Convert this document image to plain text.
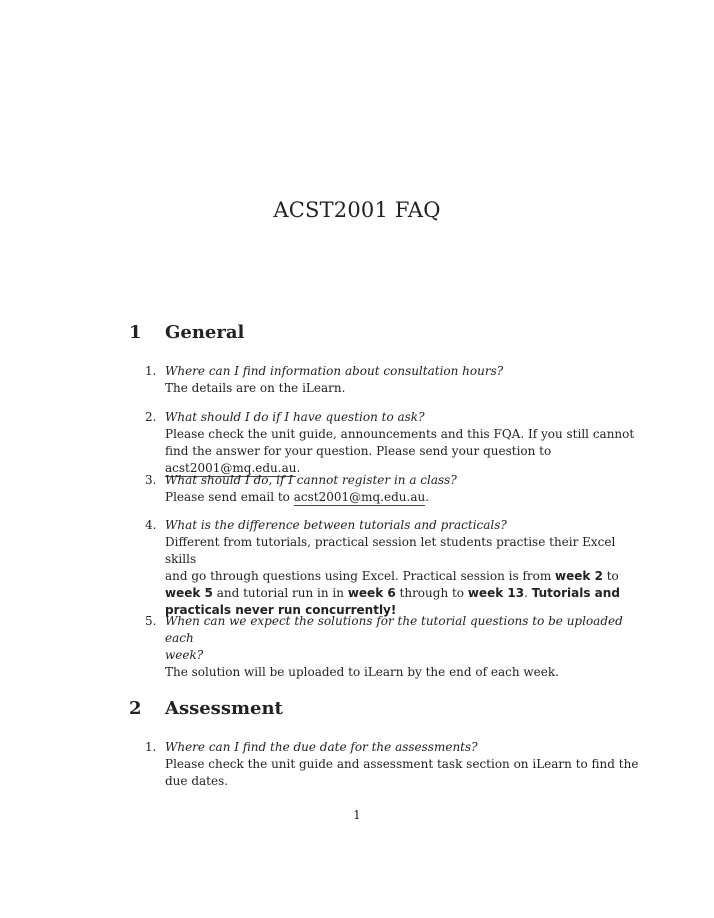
ACST2001 FAQ
1 General
1. Where can I find information about consultation hours?
The details are on the iLearn.
2. What should I do if I have question to ask?
Please check the unit guide, announcements and this FQA. If you still cannot
find the answer for your question. Please send your question to acst2001@mq.edu.au.
3. What should I do, if I cannot register in a class?
Please send email to acst2001@mq.edu.au.
4. What is the difference between tutorials and practicals?
Different from tutorials, practical session let students practise their Excel skills
and go through questions using Excel. Practical session is from week 2 to
week 5 and tutorial run in in week 6 through to week 13. Tutorials and
practicals never run concurrently!
5. When can we expect the solutions for the tutorial questions to be uploaded each
week?
The solution will be uploaded to iLearn by the end of each week.
2 Assessment
1. Where can I find the due date for the assessments?
Please check the unit guide and assessment task section on iLearn to find the
due dates.
1
